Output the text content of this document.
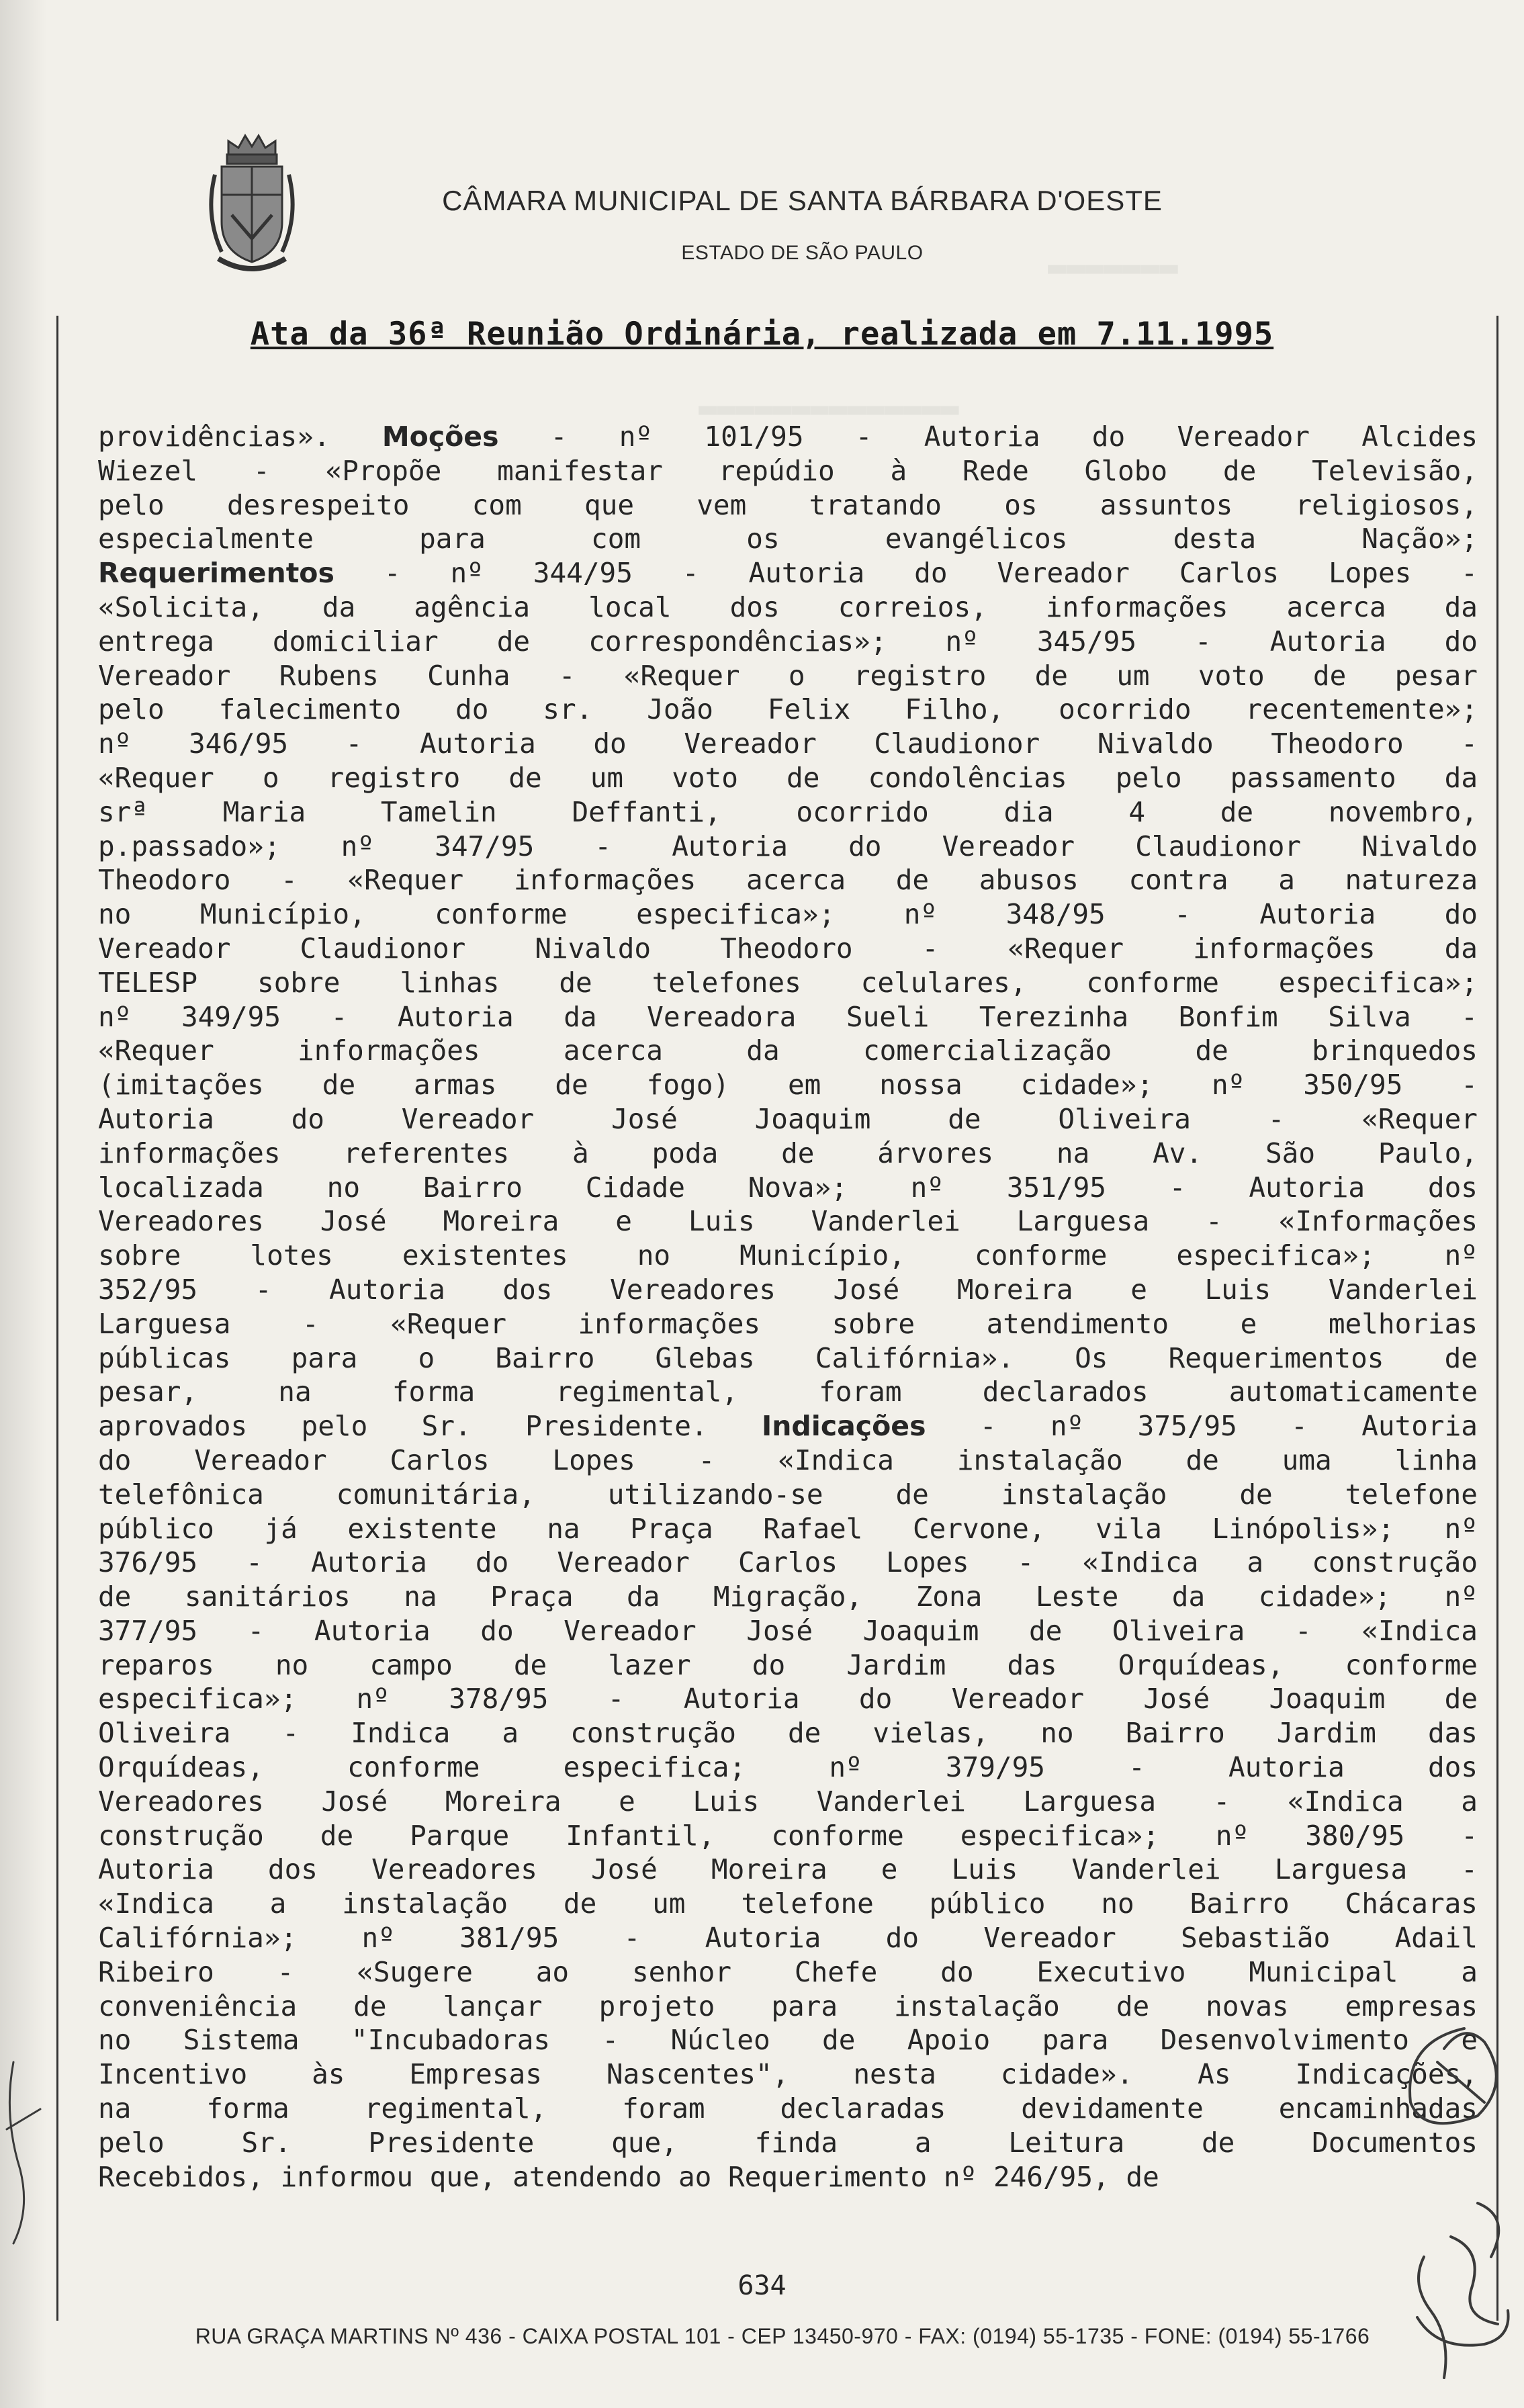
▬▬▬▬▬▬▬
▬▬▬▬▬▬▬▬▬▬▬▬▬▬
CÂMARA MUNICIPAL DE SANTA BÁRBARA D'OESTE
ESTADO DE SÃO PAULO
Ata da 36ª Reunião Ordinária, realizada em 7.11.1995
providências». Moções - nº 101/95 - Autoria do Vereador Alcides
Wiezel - «Propõe manifestar repúdio à Rede Globo de Televisão,
pelo desrespeito com que vem tratando os assuntos religiosos,
especialmente para com os evangélicos desta Nação»;
Requerimentos - nº 344/95 - Autoria do Vereador Carlos Lopes -
«Solicita, da agência local dos correios, informações acerca da
entrega domiciliar de correspondências»; nº 345/95 - Autoria do
Vereador Rubens Cunha - «Requer o registro de um voto de pesar
pelo falecimento do sr. João Felix Filho, ocorrido recentemente»;
nº 346/95 - Autoria do Vereador Claudionor Nivaldo Theodoro -
«Requer o registro de um voto de condolências pelo passamento da
srª Maria Tamelin Deffanti, ocorrido dia 4 de novembro,
p.passado»; nº 347/95 - Autoria do Vereador Claudionor Nivaldo
Theodoro - «Requer informações acerca de abusos contra a natureza
no Município, conforme especifica»; nº 348/95 - Autoria do
Vereador Claudionor Nivaldo Theodoro - «Requer informações da
TELESP sobre linhas de telefones celulares, conforme especifica»;
nº 349/95 - Autoria da Vereadora Sueli Terezinha Bonfim Silva -
«Requer informações acerca da comercialização de brinquedos
(imitações de armas de fogo) em nossa cidade»; nº 350/95 -
Autoria do Vereador José Joaquim de Oliveira - «Requer
informações referentes à poda de árvores na Av. São Paulo,
localizada no Bairro Cidade Nova»; nº 351/95 - Autoria dos
Vereadores José Moreira e Luis Vanderlei Larguesa - «Informações
sobre lotes existentes no Município, conforme especifica»; nº
352/95 - Autoria dos Vereadores José Moreira e Luis Vanderlei
Larguesa - «Requer informações sobre atendimento e melhorias
públicas para o Bairro Glebas Califórnia». Os Requerimentos de
pesar, na forma regimental, foram declarados automaticamente
aprovados pelo Sr. Presidente. Indicações - nº 375/95 - Autoria
do Vereador Carlos Lopes - «Indica instalação de uma linha
telefônica comunitária, utilizando-se de instalação de telefone
público já existente na Praça Rafael Cervone, vila Linópolis»; nº
376/95 - Autoria do Vereador Carlos Lopes - «Indica a construção
de sanitários na Praça da Migração, Zona Leste da cidade»; nº
377/95 - Autoria do Vereador José Joaquim de Oliveira - «Indica
reparos no campo de lazer do Jardim das Orquídeas, conforme
especifica»; nº 378/95 - Autoria do Vereador José Joaquim de
Oliveira - Indica a construção de vielas, no Bairro Jardim das
Orquídeas, conforme especifica; nº 379/95 - Autoria dos
Vereadores José Moreira e Luis Vanderlei Larguesa - «Indica a
construção de Parque Infantil, conforme especifica»; nº 380/95 -
Autoria dos Vereadores José Moreira e Luis Vanderlei Larguesa -
«Indica a instalação de um telefone público no Bairro Chácaras
Califórnia»; nº 381/95 - Autoria do Vereador Sebastião Adail
Ribeiro - «Sugere ao senhor Chefe do Executivo Municipal a
conveniência de lançar projeto para instalação de novas empresas
no Sistema "Incubadoras - Núcleo de Apoio para Desenvolvimento e
Incentivo às Empresas Nascentes", nesta cidade». As Indicações,
na forma regimental, foram declaradas devidamente encaminhadas
pelo Sr. Presidente que, finda a Leitura de Documentos
Recebidos, informou que, atendendo ao Requerimento nº 246/95, de
634
RUA GRAÇA MARTINS Nº 436 - CAIXA POSTAL 101 - CEP 13450-970 - FAX: (0194) 55-1735 - FONE: (0194) 55-1766
